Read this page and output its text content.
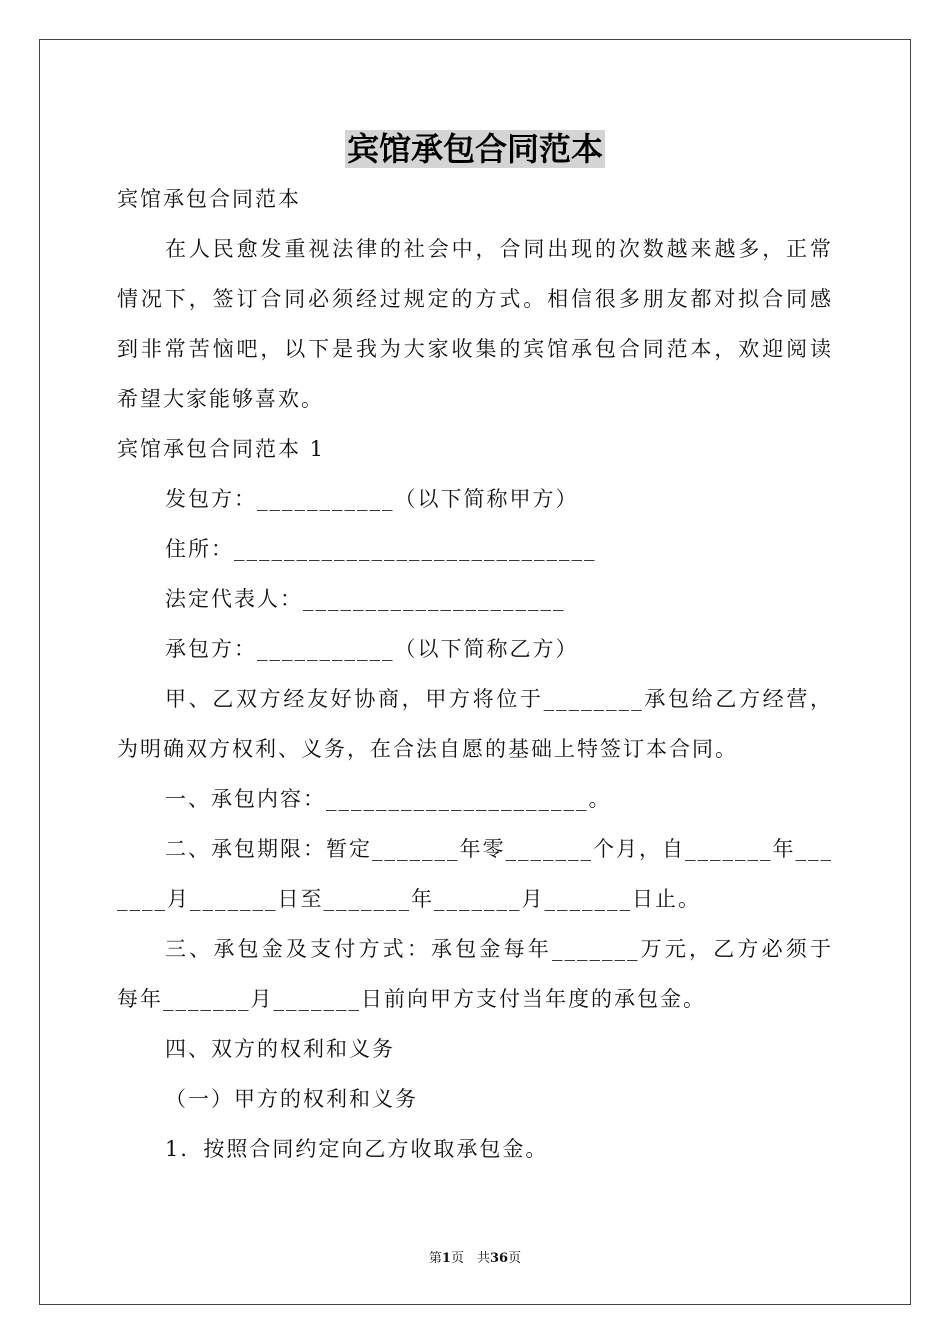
宾馆承包合同范本
宾馆承包合同范本
在人民愈发重视法律的社会中，合同出现的次数越来越多，正常
情况下，签订合同必须经过规定的方式。相信很多朋友都对拟合同感
到非常苦恼吧，以下是我为大家收集的宾馆承包合同范本，欢迎阅读
希望大家能够喜欢。
宾馆承包合同范本 1
发包方：___________（以下简称甲方）
住所：_____________________________
法定代表人：_____________________
承包方：___________（以下简称乙方）
甲、乙双方经友好协商，甲方将位于________承包给乙方经营，
为明确双方权利、义务，在合法自愿的基础上特签订本合同。
一、承包内容：_____________________。
二、承包期限：暂定_______年零_______个月，自_______年___
____月_______日至_______年_______月_______日止。
三、承包金及支付方式：承包金每年_______万元，乙方必须于
每年_______月_______日前向甲方支付当年度的承包金。
四、双方的权利和义务
（一）甲方的权利和义务
1．按照合同约定向乙方收取承包金。
第1页　共36页
